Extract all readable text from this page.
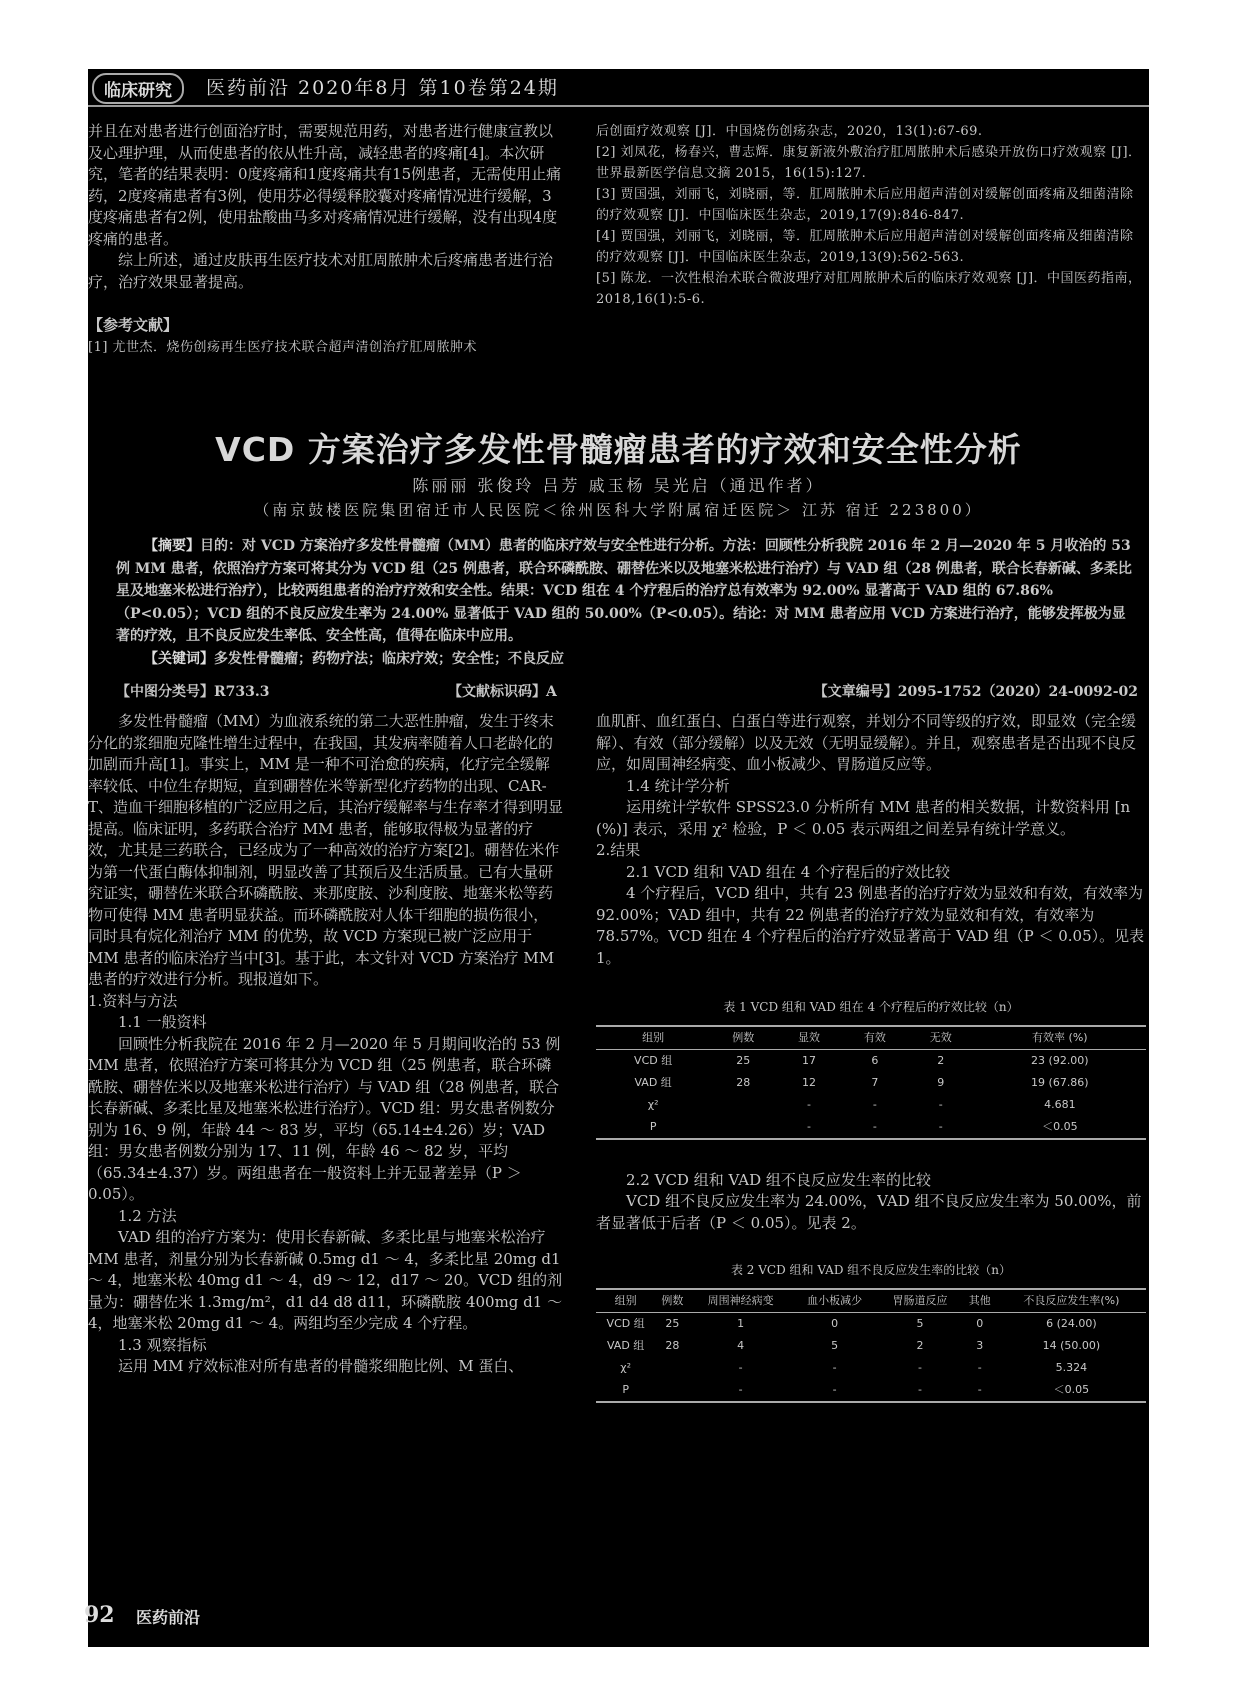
临床研究	医药前沿 2020年8月 第10卷第24期

并且在对患者进行创面治疗时，需要规范用药，对患者进行健康宣教以及心理护理，从而使患者的依从性升高，减轻患者的疼痛[4]。本次研究，笔者的结果表明：0度疼痛和1度疼痛共有15例患者，无需使用止痛药，2度疼痛患者有3例，使用芬必得缓释胶囊对疼痛情况进行缓解，3度疼痛患者有2例，使用盐酸曲马多对疼痛情况进行缓解，没有出现4度疼痛的患者。

综上所述，通过皮肤再生医疗技术对肛周脓肿术后疼痛患者进行治疗，治疗效果显著提高。

【参考文献】
[1] 尤世杰．烧伤创疡再生医疗技术联合超声清创治疗肛周脓肿术
后创面疗效观察 [J]．中国烧伤创疡杂志，2020，13(1):67-69.
[2] 刘凤花，杨春兴，曹志辉．康复新液外敷治疗肛周脓肿术后感染开放伤口疗效观察 [J]．世界最新医学信息文摘 2015，16(15):127.
[3] 贾国强，刘丽飞，刘晓丽，等．肛周脓肿术后应用超声清创对缓解创面疼痛及细菌清除的疗效观察 [J]．中国临床医生杂志，2019,17(9):846-847.
[4] 贾国强，刘丽飞，刘晓丽，等．肛周脓肿术后应用超声清创对缓解创面疼痛及细菌清除的疗效观察 [J]．中国临床医生杂志，2019,13(9):562-563.
[5] 陈龙．一次性根治术联合微波理疗对肛周脓肿术后的临床疗效观察 [J]．中国医药指南，2018,16(1):5-6.
VCD 方案治疗多发性骨髓瘤患者的疗效和安全性分析
陈丽丽 张俊玲 吕芳 戚玉杨 吴光启（通迅作者）
（南京鼓楼医院集团宿迁市人民医院＜徐州医科大学附属宿迁医院＞ 江苏 宿迁 223800）
【摘要】目的：对 VCD 方案治疗多发性骨髓瘤（MM）患者的临床疗效与安全性进行分析。方法：回顾性分析我院 2016 年 2 月—2020 年 5 月收治的 53 例 MM 患者，依照治疗方案可将其分为 VCD 组（25 例患者，联合环磷酰胺、硼替佐米以及地塞米松进行治疗）与 VAD 组（28 例患者，联合长春新碱、多柔比星及地塞米松进行治疗），比较两组患者的治疗疗效和安全性。结果：VCD 组在 4 个疗程后的治疗总有效率为 92.00% 显著高于 VAD 组的 67.86%（P<0.05）；VCD 组的不良反应发生率为 24.00% 显著低于 VAD 组的 50.00%（P<0.05）。结论：对 MM 患者应用 VCD 方案进行治疗，能够发挥极为显著的疗效，且不良反应发生率低、安全性高，值得在临床中应用。
【关键词】多发性骨髓瘤；药物疗法；临床疗效；安全性；不良反应
【中图分类号】R733.3	【文献标识码】A	【文章编号】2095-1752（2020）24-0092-02

多发性骨髓瘤（MM）为血液系统的第二大恶性肿瘤，发生于终末分化的浆细胞克隆性增生过程中，在我国，其发病率随着人口老龄化的加剧而升高[1]。事实上，MM 是一种不可治愈的疾病，化疗完全缓解率较低、中位生存期短，直到硼替佐米等新型化疗药物的出现、CAR-T、造血干细胞移植的广泛应用之后，其治疗缓解率与生存率才得到明显提高。临床证明，多药联合治疗 MM 患者，能够取得极为显著的疗效，尤其是三药联合，已经成为了一种高效的治疗方案[2]。硼替佐米作为第一代蛋白酶体抑制剂，明显改善了其预后及生活质量。已有大量研究证实，硼替佐米联合环磷酰胺、来那度胺、沙利度胺、地塞米松等药物可使得 MM 患者明显获益。而环磷酰胺对人体干细胞的损伤很小，同时具有烷化剂治疗 MM 的优势，故 VCD 方案现已被广泛应用于 MM 患者的临床治疗当中[3]。基于此，本文针对 VCD 方案治疗 MM 患者的疗效进行分析。现报道如下。

1.资料与方法
1.1 一般资料

回顾性分析我院在 2016 年 2 月—2020 年 5 月期间收治的 53 例 MM 患者，依照治疗方案可将其分为 VCD 组（25 例患者，联合环磷酰胺、硼替佐米以及地塞米松进行治疗）与 VAD 组（28 例患者，联合长春新碱、多柔比星及地塞米松进行治疗）。VCD 组：男女患者例数分别为 16、9 例，年龄 44 ～ 83 岁，平均（65.14±4.26）岁；VAD 组：男女患者例数分别为 17、11 例，年龄 46 ～ 82 岁，平均（65.34±4.37）岁。两组患者在一般资料上并无显著差异（P ＞ 0.05）。

1.2 方法

VAD 组的治疗方案为：使用长春新碱、多柔比星与地塞米松治疗 MM 患者，剂量分别为长春新碱 0.5mg d1 ～ 4，多柔比星 20mg d1 ～ 4，地塞米松 40mg d1 ～ 4，d9 ～ 12，d17 ～ 20。VCD 组的剂量为：硼替佐米 1.3mg/m²，d1 d4 d8 d11，环磷酰胺 400mg d1 ～ 4，地塞米松 20mg d1 ～ 4。两组均至少完成 4 个疗程。

1.3 观察指标

运用 MM 疗效标准对所有患者的骨髓浆细胞比例、M 蛋白、

血肌酐、血红蛋白、白蛋白等进行观察，并划分不同等级的疗效，即显效（完全缓解）、有效（部分缓解）以及无效（无明显缓解）。并且，观察患者是否出现不良反应，如周围神经病变、血小板减少、胃肠道反应等。

1.4 统计学分析

运用统计学软件 SPSS23.0 分析所有 MM 患者的相关数据，计数资料用 [n (%)] 表示，采用 χ² 检验，P ＜ 0.05 表示两组之间差异有统计学意义。

2.结果
2.1 VCD 组和 VAD 组在 4 个疗程后的疗效比较

4 个疗程后，VCD 组中，共有 23 例患者的治疗疗效为显效和有效，有效率为 92.00%；VAD 组中，共有 22 例患者的治疗疗效为显效和有效，有效率为 78.57%。VCD 组在 4 个疗程后的治疗疗效显著高于 VAD 组（P ＜ 0.05）。见表 1。

表 1 VCD 组和 VAD 组在 4 个疗程后的疗效比较（n）
组别	例数	显效	有效	无效	有效率 (%)
VCD 组	25	17	6	2	23 (92.00)
VAD 组	28	12	7	9	19 (67.86)
χ²		-	-	-	4.681
P		-	-	-	＜0.05
2.2 VCD 组和 VAD 组不良反应发生率的比较

VCD 组不良反应发生率为 24.00%，VAD 组不良反应发生率为 50.00%，前者显著低于后者（P ＜ 0.05）。见表 2。

表 2 VCD 组和 VAD 组不良反应发生率的比较（n）
组别	例数	周围神经病变	血小板减少	胃肠道反应	其他	不良反应发生率(%)
VCD 组	25	1	0	5	0	6 (24.00)
VAD 组	28	4	5	2	3	14 (50.00)
χ²		-	-	-	-	5.324
P		-	-	-	-	＜0.05
92 医药前沿
